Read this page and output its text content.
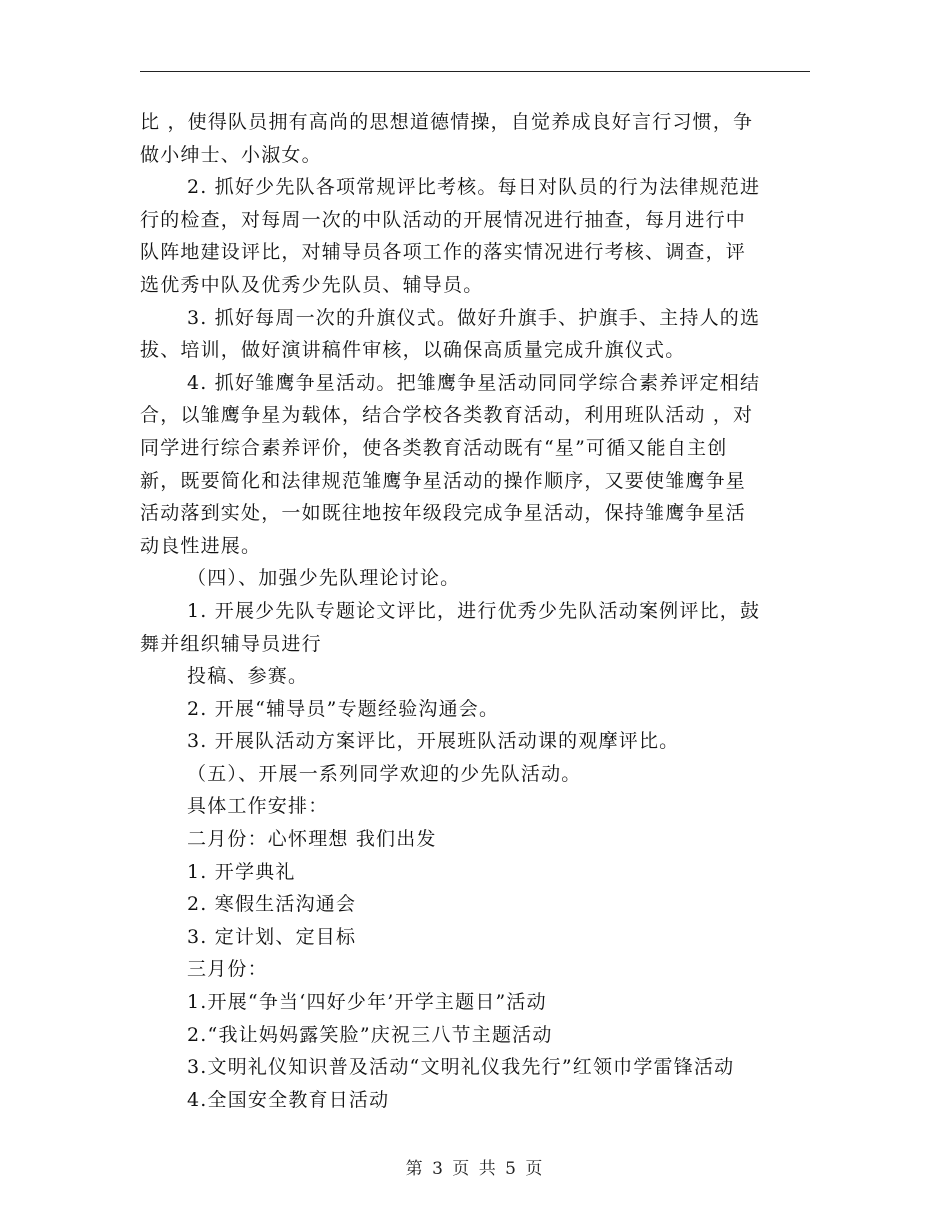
比 ，使得队员拥有高尚的思想道德情操，自觉养成良好言行习惯，争

做小绅士、小淑女。

2. 抓好少先队各项常规评比考核。每日对队员的行为法律规范进

行的检查，对每周一次的中队活动的开展情况进行抽查，每月进行中

队阵地建设评比，对辅导员各项工作的落实情况进行考核、调查，评

选优秀中队及优秀少先队员、辅导员。

3. 抓好每周一次的升旗仪式。做好升旗手、护旗手、主持人的选

拔、培训，做好演讲稿件审核，以确保高质量完成升旗仪式。

4. 抓好雏鹰争星活动。把雏鹰争星活动同同学综合素养评定相结

合，以雏鹰争星为载体，结合学校各类教育活动，利用班队活动 ，对

同学进行综合素养评价，使各类教育活动既有“星”可循又能自主创

新，既要简化和法律规范雏鹰争星活动的操作顺序，又要使雏鹰争星

活动落到实处，一如既往地按年级段完成争星活动，保持雏鹰争星活

动良性进展。

（四）、加强少先队理论讨论。

1. 开展少先队专题论文评比，进行优秀少先队活动案例评比，鼓

舞并组织辅导员进行

投稿、参赛。

2. 开展“辅导员”专题经验沟通会。

3. 开展队活动方案评比，开展班队活动课的观摩评比。

（五）、开展一系列同学欢迎的少先队活动。

具体工作安排：

二月份：心怀理想 我们出发

1. 开学典礼

2. 寒假生活沟通会

3. 定计划、定目标

三月份：

1.开展“争当‘四好少年’开学主题日”活动

2.“我让妈妈露笑脸”庆祝三八节主题活动

3.文明礼仪知识普及活动“文明礼仪我先行”红领巾学雷锋活动

4.全国安全教育日活动

第 3 页 共 5 页
